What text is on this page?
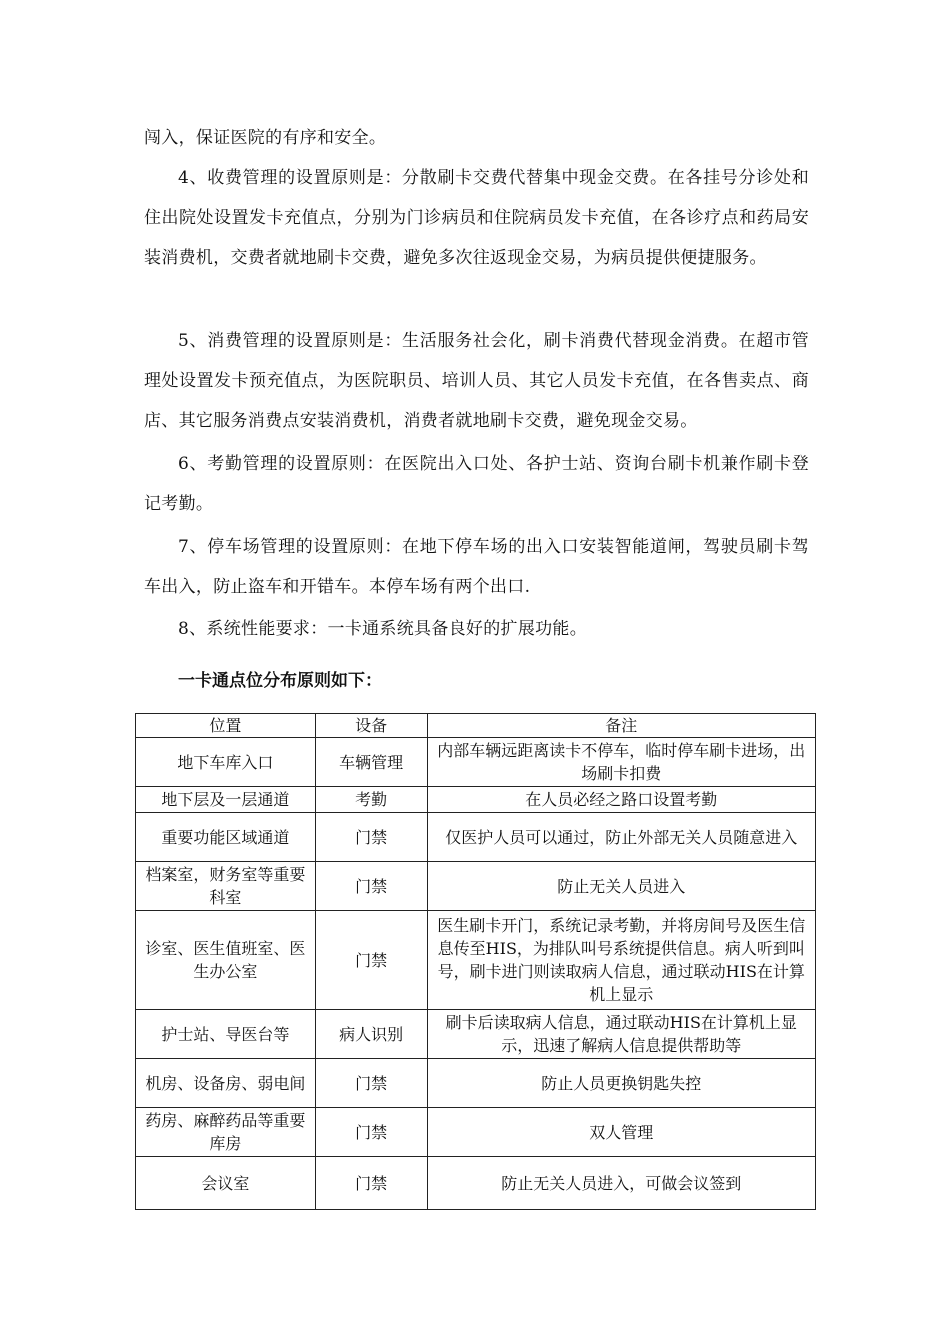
闯入，保证医院的有序和安全。

4、收费管理的设置原则是：分散刷卡交费代替集中现金交费。在各挂号分诊处和住出院处设置发卡充值点，分别为门诊病员和住院病员发卡充值，在各诊疗点和药局安装消费机，交费者就地刷卡交费，避免多次往返现金交易，为病员提供便捷服务。

5、消费管理的设置原则是：生活服务社会化，刷卡消费代替现金消费。在超市管理处设置发卡预充值点，为医院职员、培训人员、其它人员发卡充值，在各售卖点、商店、其它服务消费点安装消费机，消费者就地刷卡交费，避免现金交易。

6、考勤管理的设置原则：在医院出入口处、各护士站、资询台刷卡机兼作刷卡登记考勤。

7、停车场管理的设置原则：在地下停车场的出入口安装智能道闸，驾驶员刷卡驾车出入，防止盗车和开错车。本停车场有两个出口.

8、系统性能要求：一卡通系统具备良好的扩展功能。

一卡通点位分布原则如下：

位置	设备	备注
地下车库入口	车辆管理	内部车辆远距离读卡不停车，临时停车刷卡进场，出场刷卡扣费
地下层及一层通道	考勤	在人员必经之路口设置考勤
重要功能区域通道	门禁	仅医护人员可以通过，防止外部无关人员随意进入
档案室，财务室等重要科室	门禁	防止无关人员进入
诊室、医生值班室、医生办公室	门禁	医生刷卡开门，系统记录考勤，并将房间号及医生信息传至HIS，为排队叫号系统提供信息。病人听到叫号，刷卡进门则读取病人信息，通过联动HIS在计算机上显示
护士站、导医台等	病人识别	刷卡后读取病人信息，通过联动HIS在计算机上显示，迅速了解病人信息提供帮助等
机房、设备房、弱电间	门禁	防止人员更换钥匙失控
药房、麻醉药品等重要库房	门禁	双人管理
会议室	门禁	防止无关人员进入，可做会议签到
